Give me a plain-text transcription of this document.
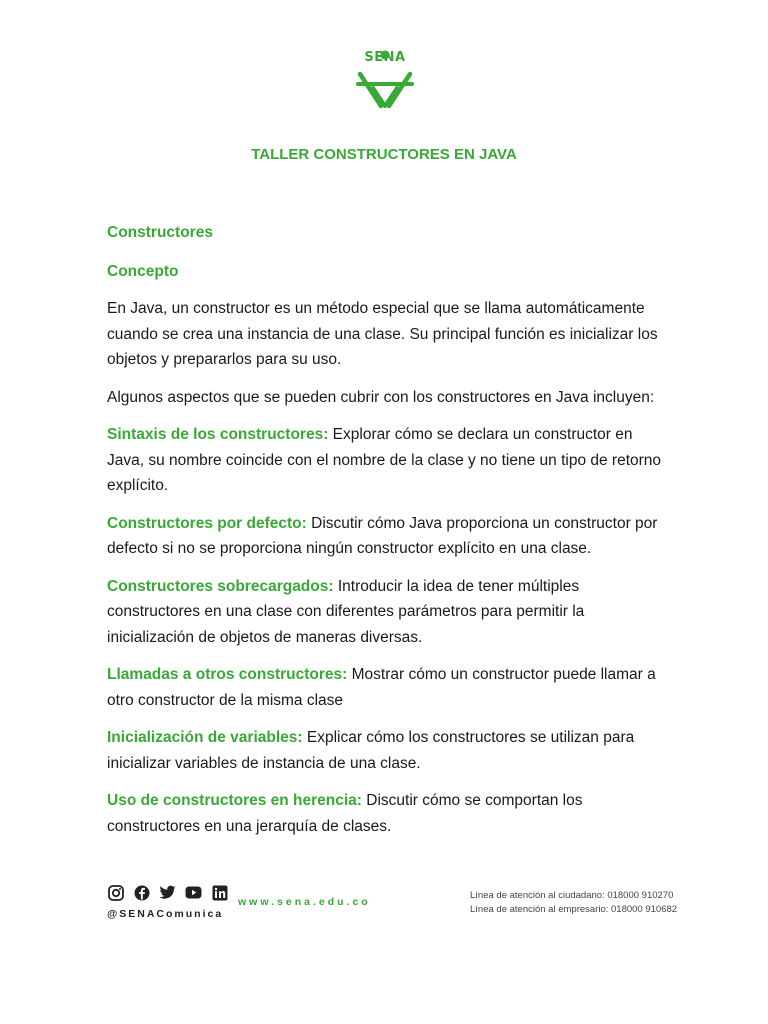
SENA
TALLER CONSTRUCTORES EN JAVA
Constructores
Concepto

En Java, un constructor es un método especial que se llama automáticamente cuando se crea una instancia de una clase. Su principal función es inicializar los objetos y prepararlos para su uso.

Algunos aspectos que se pueden cubrir con los constructores en Java incluyen:

Sintaxis de los constructores: Explorar cómo se declara un constructor en Java, su nombre coincide con el nombre de la clase y no tiene un tipo de retorno explícito.

Constructores por defecto: Discutir cómo Java proporciona un constructor por defecto si no se proporciona ningún constructor explícito en una clase.

Constructores sobrecargados: Introducir la idea de tener múltiples constructores en una clase con diferentes parámetros para permitir la inicialización de objetos de maneras diversas.

Llamadas a otros constructores: Mostrar cómo un constructor puede llamar a otro constructor de la misma clase

Inicialización de variables: Explicar cómo los constructores se utilizan para inicializar variables de instancia de una clase.

Uso de constructores en herencia: Discutir cómo se comportan los constructores en una jerarquía de clases.

@SENAComunica
www.sena.edu.co
Línea de atención al ciudadano: 018000 910270
Línea de atención al empresario: 018000 910682
